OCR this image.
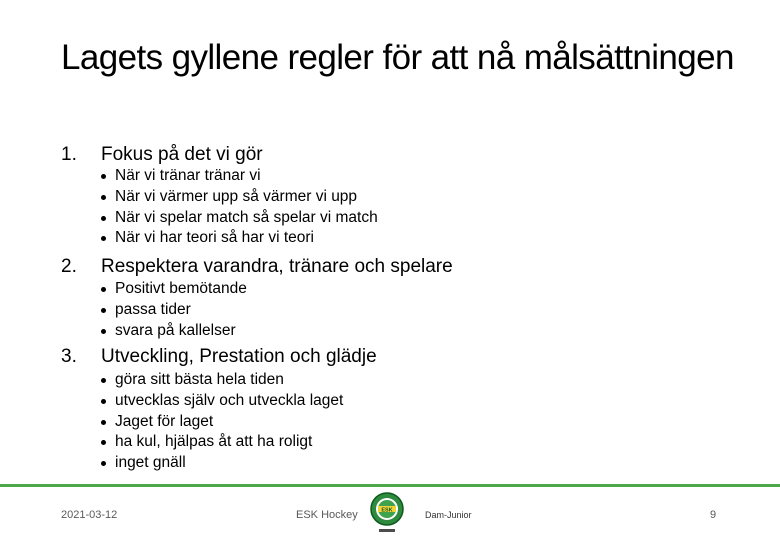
Lagets gyllene regler för att nå målsättningen
1. Fokus på det vi gör
När vi tränar tränar vi
När vi värmer upp så värmer vi upp
När vi spelar match så spelar vi match
När vi har teori så har vi teori
2. Respektera varandra, tränare och spelare
Positivt bemötande
passa tider
svara på kallelser
3. Utveckling, Prestation och glädje
göra sitt bästa hela tiden
utvecklas själv och utveckla laget
Jaget för laget
ha kul, hjälpas åt att ha roligt
inget gnäll
2021-03-12	ESK Hockey	ESK	Dam-Junior	9
